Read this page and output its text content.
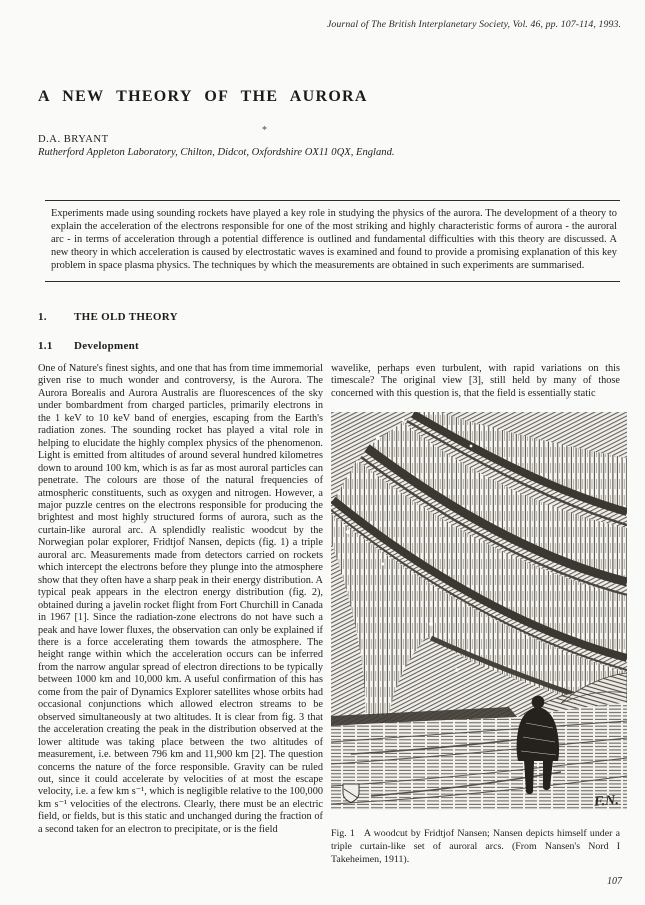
Journal of The British Interplanetary Society, Vol. 46, pp. 107-114, 1993.
A NEW THEORY OF THE AURORA
D.A. BRYANT
*
Rutherford Appleton Laboratory, Chilton, Didcot, Oxfordshire OX11 0QX, England.

Experiments made using sounding rockets have played a key role in studying the physics of the aurora. The development of a theory to explain the acceleration of the electrons responsible for one of the most striking and highly characteristic forms of aurora - the auroral arc - in terms of acceleration through a potential difference is outlined and fundamental difficulties with this theory are discussed. A new theory in which acceleration is caused by electrostatic waves is examined and found to provide a promising explanation of this key problem in space plasma physics. The techniques by which the measurements are obtained in such experiments are summarised.

1. THE OLD THEORY
1.1 Development

One of Nature's finest sights, and one that has from time immemorial given rise to much wonder and controversy, is the Aurora. The Aurora Borealis and Aurora Australis are fluorescences of the sky under bombardment from charged particles, primarily electrons in the 1 keV to 10 keV band of energies, escaping from the Earth's radiation zones. The sounding rocket has played a vital role in helping to elucidate the highly complex physics of the phenomenon. Light is emitted from altitudes of around several hundred kilometres down to around 100 km, which is as far as most auroral particles can penetrate. The colours are those of the natural frequencies of atmospheric constituents, such as oxygen and nitrogen. However, a major puzzle centres on the electrons responsible for producing the brightest and most highly structured forms of aurora, such as the curtain-like auroral arc. A splendidly realistic woodcut by the Norwegian polar explorer, Fridtjof Nansen, depicts (fig. 1) a triple auroral arc. Measurements made from detectors carried on rockets which intercept the electrons before they plunge into the atmosphere show that they often have a sharp peak in their energy distribution. A typical peak appears in the electron energy distribution (fig. 2), obtained during a javelin rocket flight from Fort Churchill in Canada in 1967 [1]. Since the radiation-zone electrons do not have such a peak and have lower fluxes, the observation can only be explained if there is a force accelerating them towards the atmosphere. The height range within which the acceleration occurs can be inferred from the narrow angular spread of electron directions to be typically between 1000 km and 10,000 km. A useful confirmation of this has come from the pair of Dynamics Explorer satellites whose orbits had occasional conjunctions which allowed electron streams to be observed simultaneously at two altitudes. It is clear from fig. 3 that the acceleration creating the peak in the distribution observed at the lower altitude was taking place between the two altitudes of measurement, i.e. between 796 km and 11,900 km [2]. The question concerns the nature of the force responsible. Gravity can be ruled out, since it could accelerate by velocities of at most the escape velocity, i.e. a few km s⁻¹, which is negligible relative to the 100,000 km s⁻¹ velocities of the electrons. Clearly, there must be an electric field, or fields, but is this static and unchanged during the fraction of a second taken for an electron to precipitate, or is the field

wavelike, perhaps even turbulent, with rapid variations on this timescale? The original view [3], still held by many of those concerned with this question is, that the field is essentially static

F.N.
Fig. 1 A woodcut by Fridtjof Nansen; Nansen depicts himself under a triple curtain-like set of auroral arcs. (From Nansen's Nord I Takeheimen, 1911).
107
